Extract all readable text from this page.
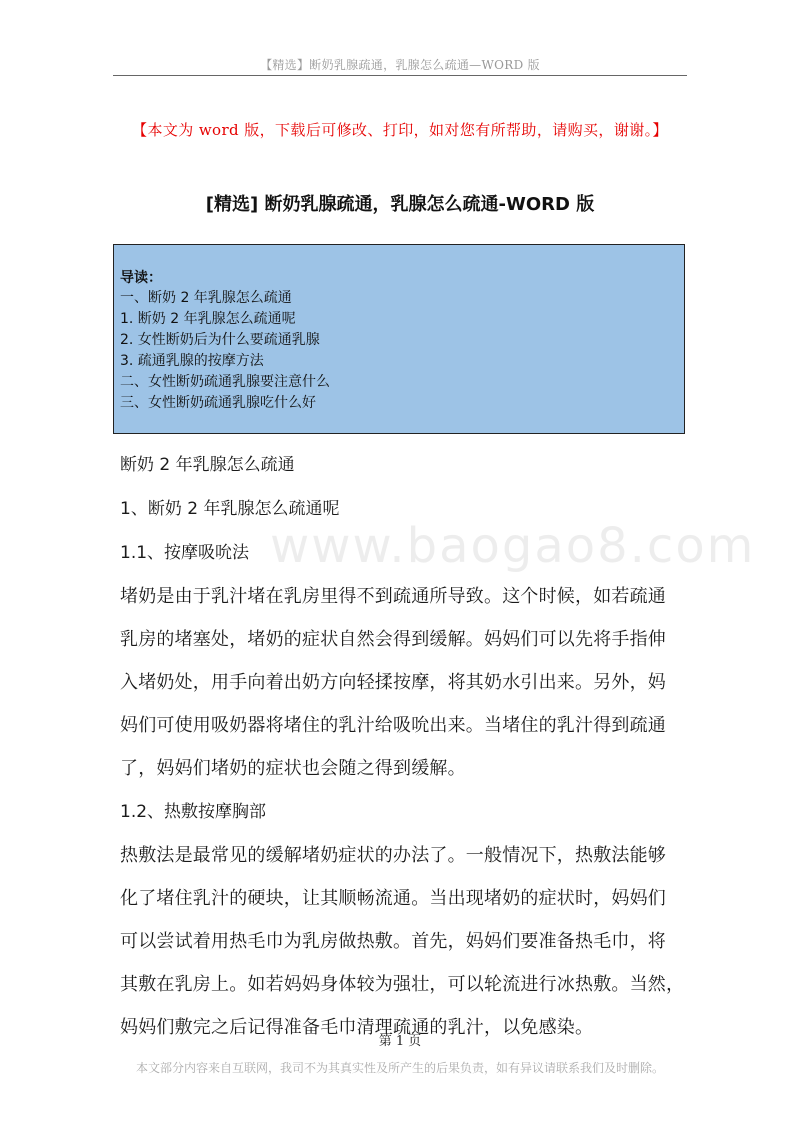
【精选】断奶乳腺疏通，乳腺怎么疏通—WORD 版
【本文为 word 版，下载后可修改、打印，如对您有所帮助，请购买，谢谢。】
[精选] 断奶乳腺疏通，乳腺怎么疏通-WORD 版
导读：
一、断奶 2 年乳腺怎么疏通
1. 断奶 2 年乳腺怎么疏通呢
2. 女性断奶后为什么要疏通乳腺
3. 疏通乳腺的按摩方法
二、女性断奶疏通乳腺要注意什么
三、女性断奶疏通乳腺吃什么好
www.baogao8.com
断奶 2 年乳腺怎么疏通
1、断奶 2 年乳腺怎么疏通呢
1.1、按摩吸吮法
堵奶是由于乳汁堵在乳房里得不到疏通所导致。这个时候，如若疏通
乳房的堵塞处，堵奶的症状自然会得到缓解。妈妈们可以先将手指伸
入堵奶处，用手向着出奶方向轻揉按摩，将其奶水引出来。另外，妈
妈们可使用吸奶器将堵住的乳汁给吸吮出来。当堵住的乳汁得到疏通
了，妈妈们堵奶的症状也会随之得到缓解。
1.2、热敷按摩胸部
热敷法是最常见的缓解堵奶症状的办法了。一般情况下，热敷法能够
化了堵住乳汁的硬块，让其顺畅流通。当出现堵奶的症状时，妈妈们
可以尝试着用热毛巾为乳房做热敷。首先，妈妈们要准备热毛巾，将
其敷在乳房上。如若妈妈身体较为强壮，可以轮流进行冰热敷。当然，
妈妈们敷完之后记得准备毛巾清理疏通的乳汁，以免感染。
第 1 页
本文部分内容来自互联网，我司不为其真实性及所产生的后果负责，如有异议请联系我们及时删除。
